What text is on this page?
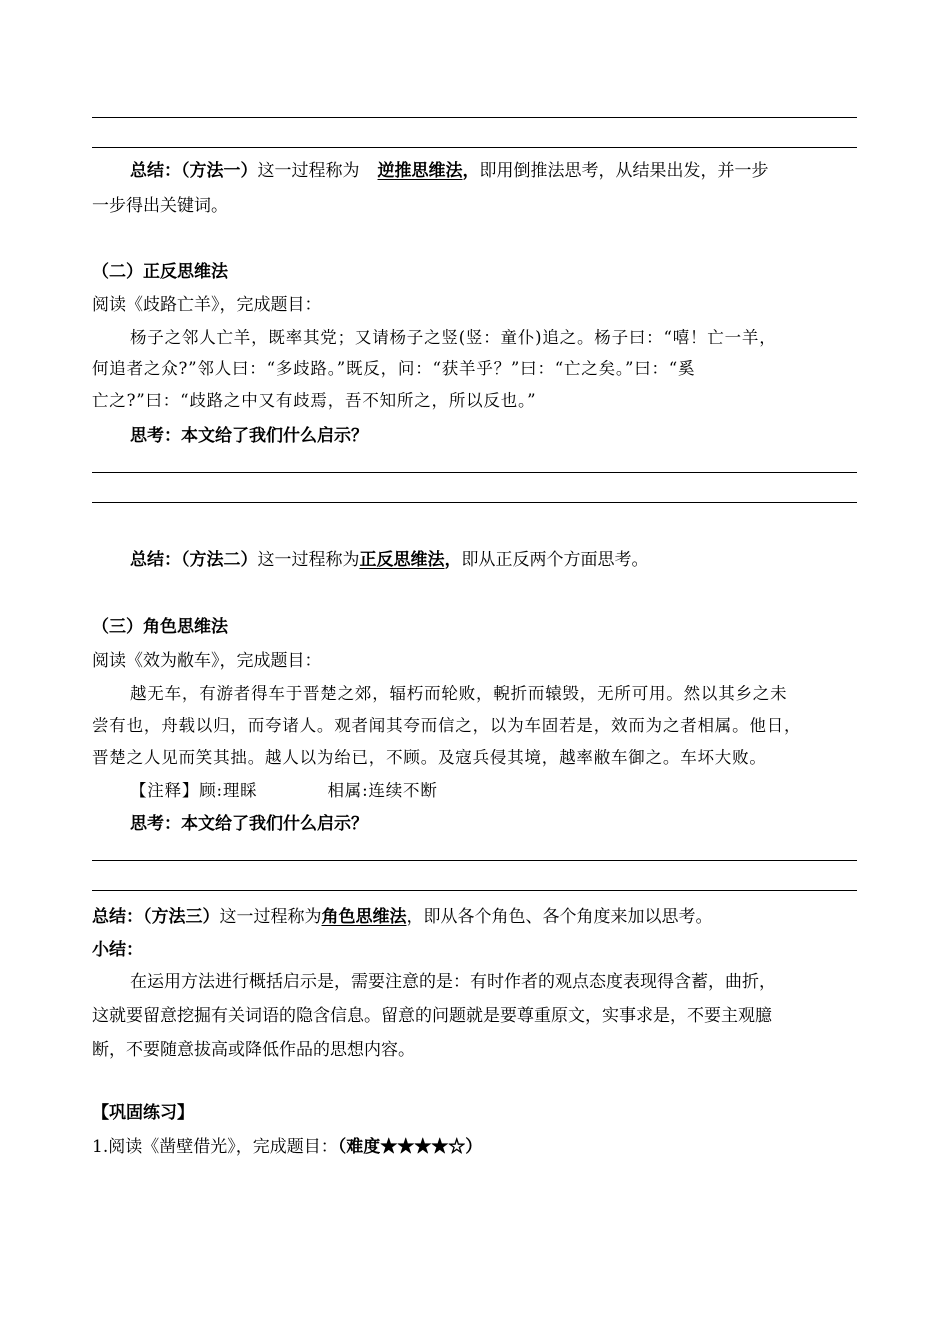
总结：（方法一）这一过程称为 逆推思维法，即用倒推法思考，从结果出发，并一步
一步得出关键词。
（二）正反思维法
阅读《歧路亡羊》，完成题目：
杨子之邻人亡羊，既率其党；又请杨子之竖(竖：童仆)追之。杨子曰：“嘻！亡一羊，
何追者之众?”邻人曰：“多歧路。”既反，问：“获羊乎？”曰：“亡之矣。”曰：“奚
亡之?”曰：“歧路之中又有歧焉，吾不知所之，所以反也。”
思考：本文给了我们什么启示？
总结：（方法二）这一过程称为正反思维法，即从正反两个方面思考。
（三）角色思维法
阅读《效为敝车》，完成题目：
越无车，有游者得车于晋楚之郊，辐朽而轮败，輗折而辕毁，无所可用。然以其乡之未
尝有也，舟载以归，而夸诸人。观者闻其夸而信之，以为车固若是，效而为之者相属。他日，
晋楚之人见而笑其拙。越人以为绐已，不顾。及寇兵侵其境，越率敝车御之。车坏大败。
【注释】顾:理睬	相属:连续不断
思考：本文给了我们什么启示？
总结：（方法三）这一过程称为角色思维法，即从各个角色、各个角度来加以思考。
小结：
在运用方法进行概括启示是，需要注意的是：有时作者的观点态度表现得含蓄，曲折，
这就要留意挖掘有关词语的隐含信息。留意的问题就是要尊重原文，实事求是，不要主观臆
断，不要随意拔高或降低作品的思想内容。
【巩固练习】
1.阅读《凿壁借光》，完成题目：（难度★★★★☆）
